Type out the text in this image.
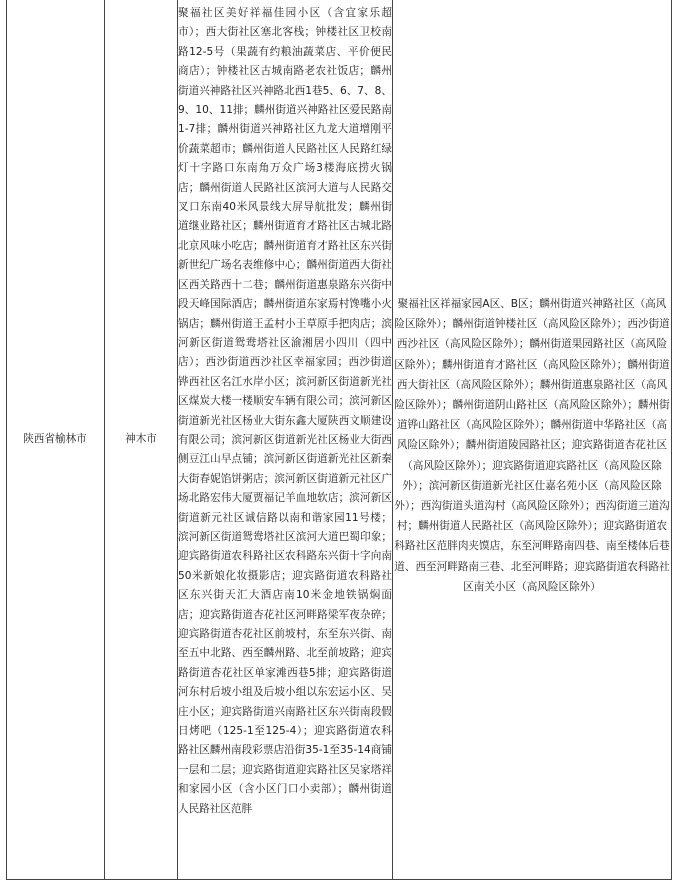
陕西省榆林市	神木市
聚福社区美好祥福佳园小区（含宜家乐超市）；西大街社区塞北客栈；钟楼社区卫校南路12-5号（果蔬有约粮油蔬菜店、平价便民商店）；钟楼社区古城南路老农社饭店；麟州街道兴神路社区兴神路北西1巷5、6、7、8、9、10、11排；麟州街道兴神路社区爱民路南1-7排；麟州街道兴神路社区九龙大道增刚平价蔬菜超市；麟州街道人民路社区人民路红绿灯十字路口东南角万众广场3楼海底捞火锅店；麟州街道人民路社区滨河大道与人民路交叉口东南40米风景线大屏导航批发；麟州街道继业路社区；麟州街道育才路社区古城北路北京风味小吃店；麟州街道育才路社区东兴街新世纪广场名表维修中心；麟州街道西大街社区西关路西十二巷；麟州街道惠泉路东兴街中段天峰国际酒店；麟州街道东家焉村馋嘴小火锅店；麟州街道王孟村小王草原手把肉店；滨河新区街道鸳鸯塔社区渝湘居小四川（四中店）；西沙街道西沙社区幸福家园；西沙街道铧西社区名江水岸小区；滨河新区街道新光社区煤炭大楼一楼顺安车辆有限公司；滨河新区街道新光社区杨业大街东鑫大厦陕西文顺建设有限公司；滨河新区街道新光社区杨业大街西侧豆江山早点铺；滨河新区街道新光社区新秦大街春妮馅饼粥店；滨河新区街道新元社区广场北路宏伟大厦贾福记羊血地软店；滨河新区街道新元社区诚信路以南和谐家园11号楼；滨河新区街道鸳鸯塔社区滨河大道巴蜀印象；迎宾路街道农科路社区农科路东兴街十字向南50米新娘化妆摄影店；迎宾路街道农科路社区东兴街天汇大酒店南10米金地铁锅焖面店；迎宾路街道杏花社区河畔路梁军夜杂碎；迎宾路街道杏花社区前坡村，东至东兴街、南至五中北路、西至麟州路、北至前坡路；迎宾路街道杏花社区单家滩西巷5排；迎宾路街道河东村后坡小组及后坡小组以东宏运小区、吴庄小区；迎宾路街道兴南路社区东兴街南段假日烤吧（125-1至125-4）；迎宾路街道农科路社区麟州南段彩票店沿街35-1至35-14商铺一层和二层；迎宾路街道迎宾路社区吴家塔祥和家园小区（含小区门口小卖部）；麟州街道人民路社区范胖
聚福社区祥福家园A区、B区；麟州街道兴神路社区（高风险区除外）；麟州街道钟楼社区（高风险区除外）；西沙街道西沙社区（高风险区除外）；麟州街道果园路社区（高风险区除外）；麟州街道育才路社区（高风险区除外）；麟州街道西大街社区（高风险区除外）；麟州街道惠泉路社区（高风险区除外）；麟州街道阴山路社区（高风险区除外）；麟州街道铧山路社区（高风险区除外）；麟州街道中华路社区（高风险区除外）；麟州街道陵园路社区；迎宾路街道杏花社区（高风险区除外）；迎宾路街道迎宾路社区（高风险区除外）；滨河新区街道新光社区仕嘉名苑小区（高风险区除外）；西沟街道头道沟村（高风险区除外）；西沟街道三道沟村；麟州街道人民路社区（高风险区除外）；迎宾路街道农科路社区范胖肉夹馍店，东至河畔路南四巷、南至楼体后巷道、西至河畔路南三巷、北至河畔路；迎宾路街道农科路社区南关小区（高风险区除外）
